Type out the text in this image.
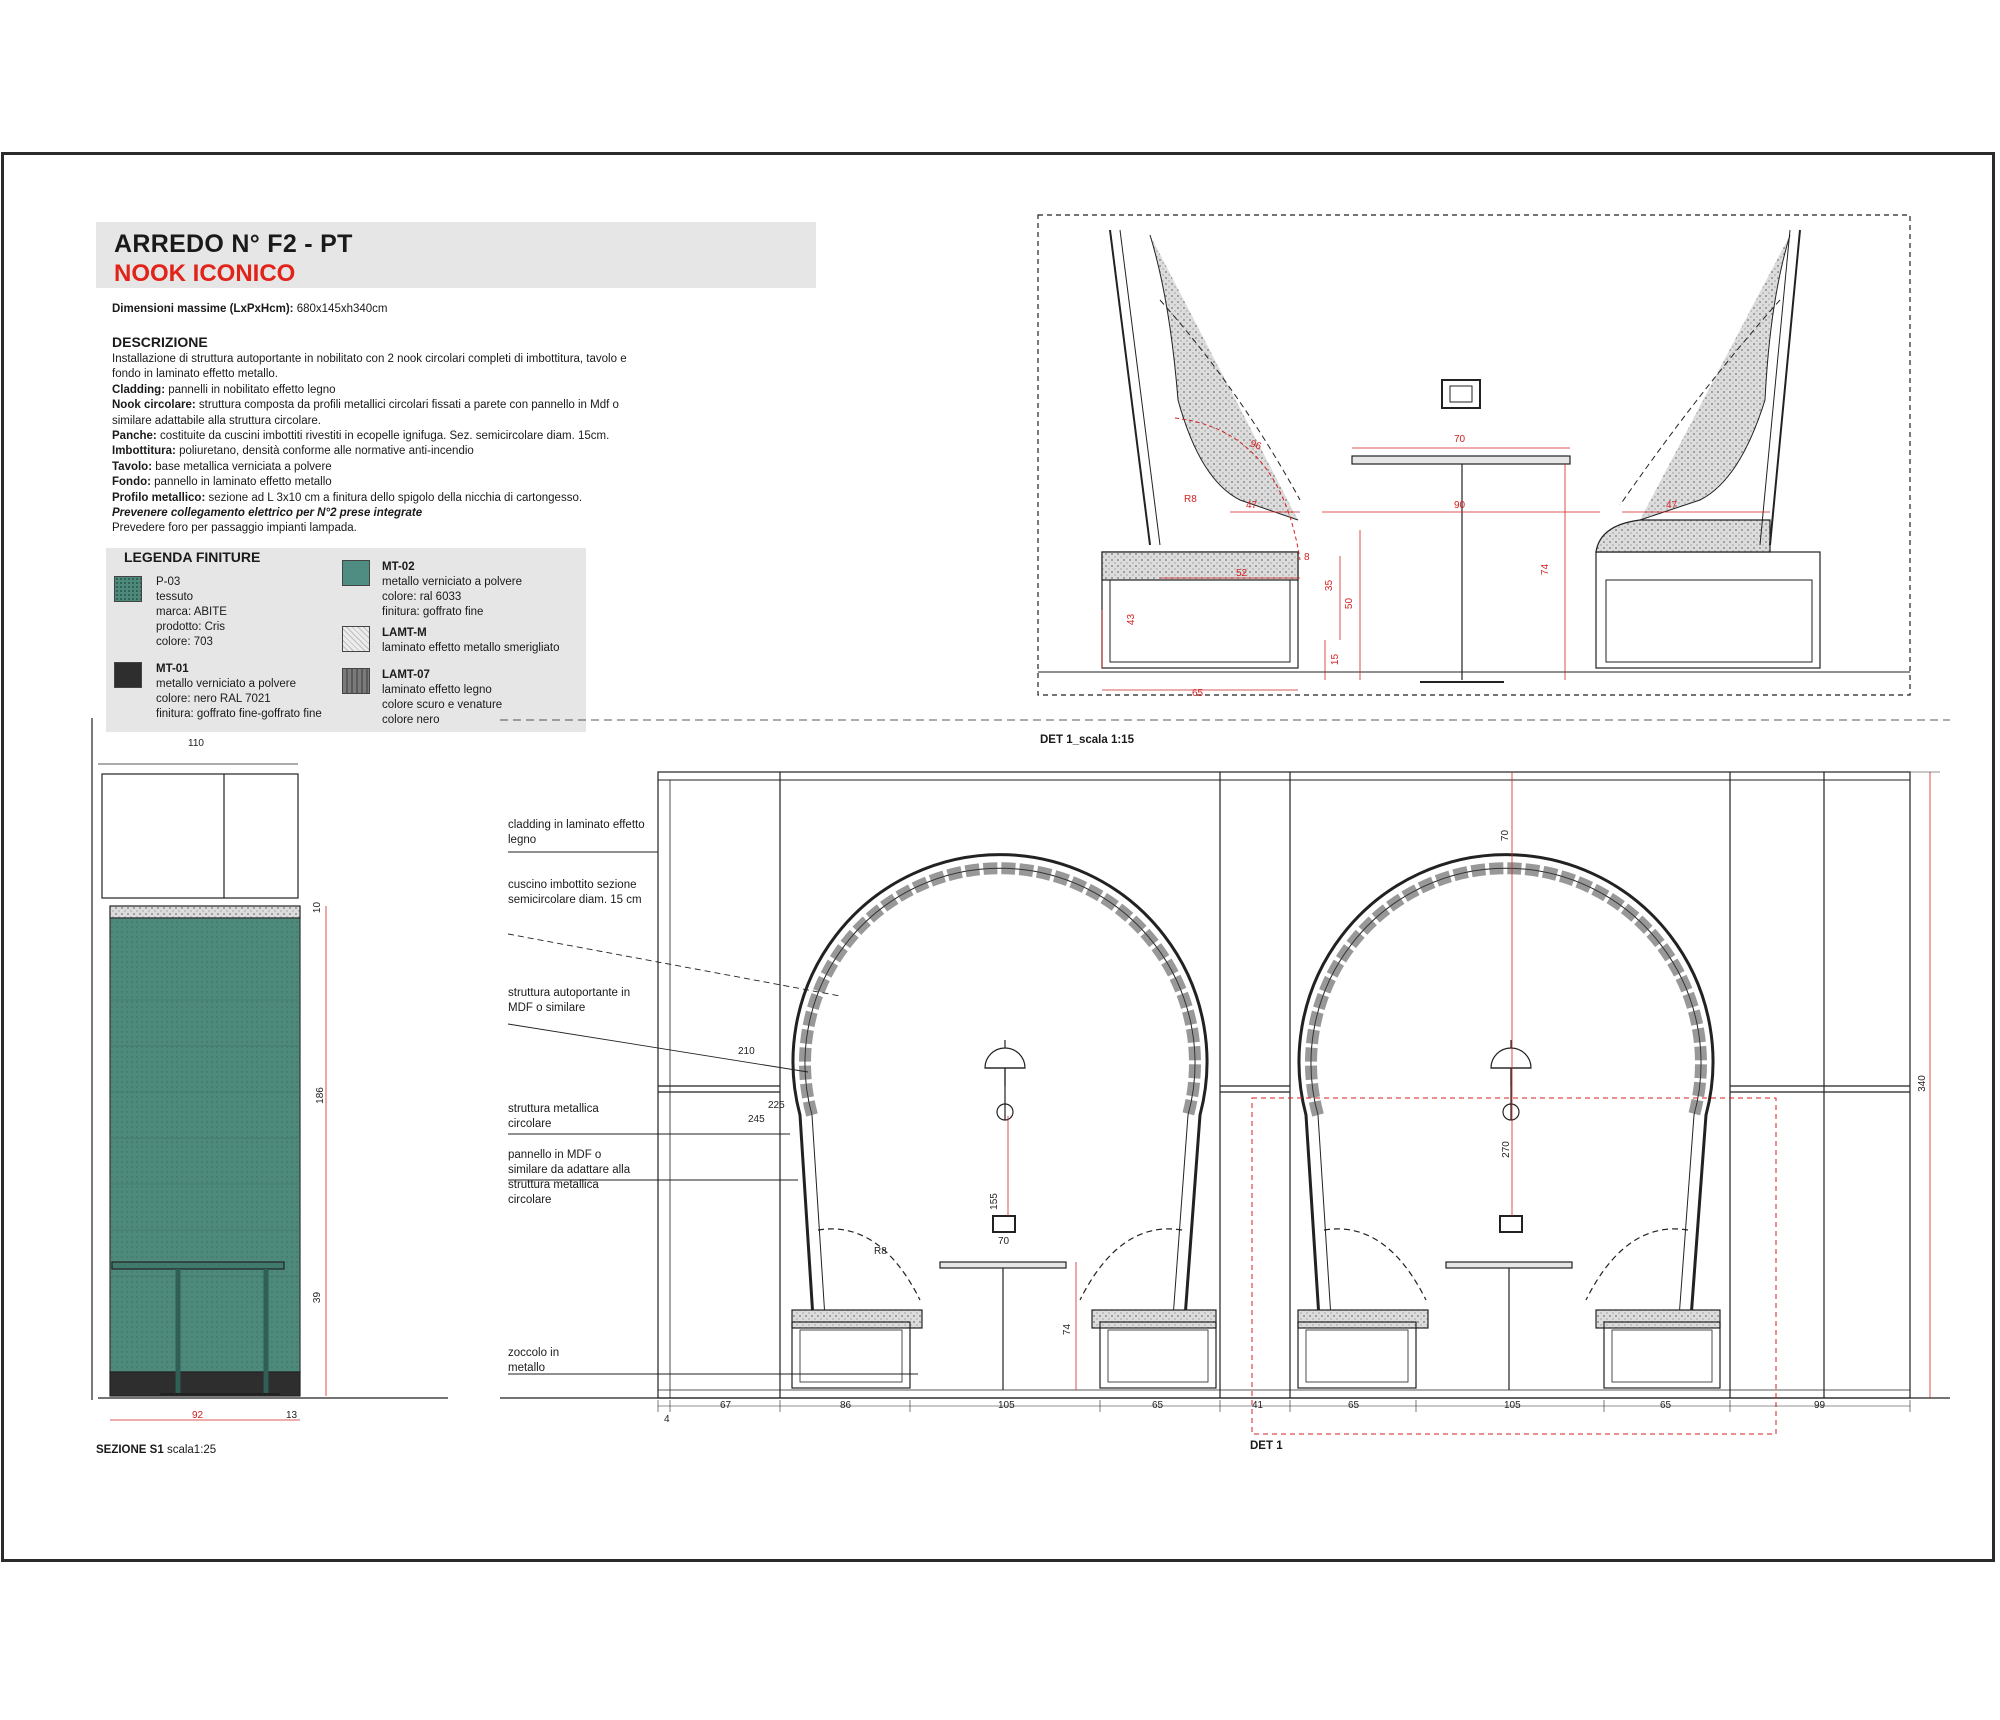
ARREDO N° F2 - PT
NOOK ICONICO
Dimensioni massime (LxPxHcm): 680x145xh340cm
DESCRIZIONE

Installazione di struttura autoportante in nobilitato con 2 nook circolari completi di imbottitura, tavolo e fondo in laminato effetto metallo.

Cladding: pannelli in nobilitato effetto legno

Nook circolare: struttura composta da profili metallici circolari fissati a parete con pannello in Mdf o similare adattabile alla struttura circolare.

Panche: costituite da cuscini imbottiti rivestiti in ecopelle ignifuga. Sez. semicircolare diam. 15cm.

Imbottitura: poliuretano, densità conforme alle normative anti-incendio

Tavolo: base metallica verniciata a polvere

Fondo: pannello in laminato effetto metallo

Profilo metallico: sezione ad L 3x10 cm a finitura dello spigolo della nicchia di cartongesso.

Prevenere collegamento elettrico per N°2 prese integrate

Prevedere foro per passaggio impianti lampada.

LEGENDA FINITURE
P-03
tessuto
marca: ABITE
prodotto: Cris
colore: 703
MT-01
metallo verniciato a polvere
colore: nero RAL 7021
finitura: goffrato fine-goffrato fine
MT-02
metallo verniciato a polvere
colore: ral 6033
finitura: goffrato fine
LAMT-M
laminato effetto metallo smerigliato
LAMT-07
laminato effetto legno
colore scuro e venature
colore nero
cladding in laminato effetto legno
cuscino imbottito sezione semicircolare diam. 15 cm
struttura autoportante in MDF o similare
struttura metallica circolare
pannello in MDF o similare da adattare alla struttura metallica circolare
zoccolo in metallo
4
67	86	105	65	41	65	105	65	99
70
270
155
74
340
210
225
245
R8
70
110
10
186
39
92	13
R8
47
96	70
90	47
52
8
35
50
15
43
74
65
DET 1_scala 1:15
DET 1
SEZIONE S1 scala1:25
